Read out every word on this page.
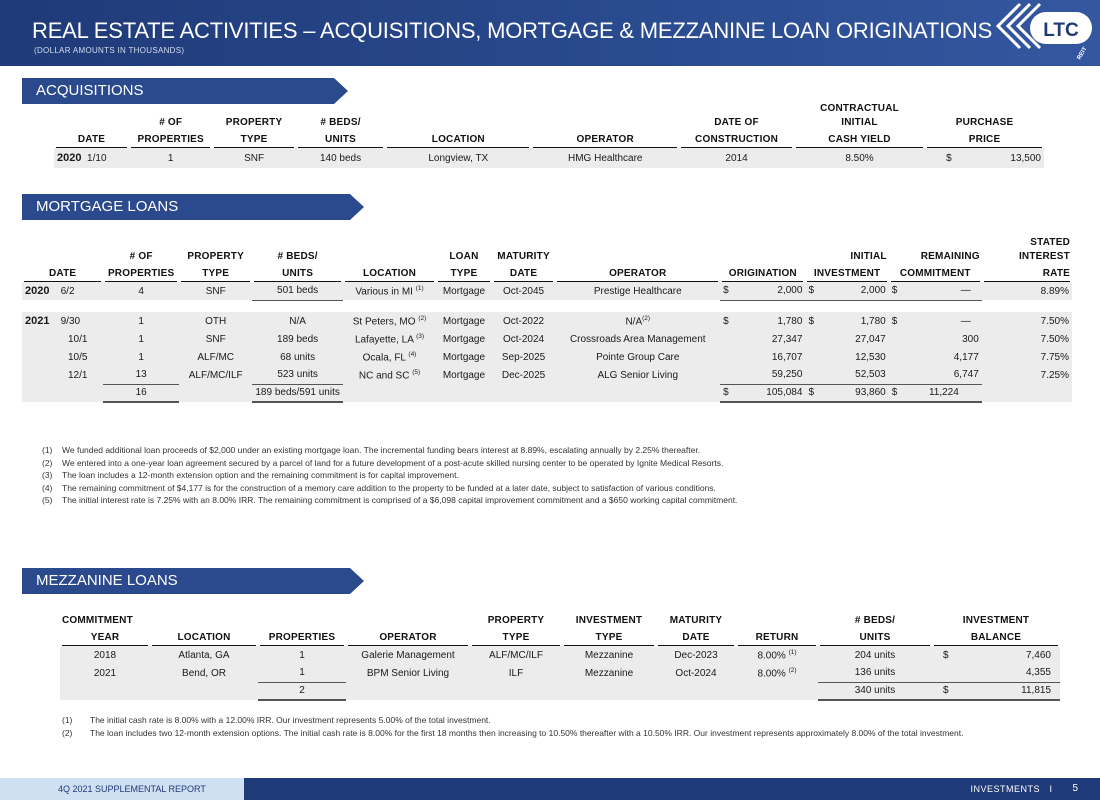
REAL ESTATE ACTIVITIES – ACQUISITIONS, MORTGAGE & MEZZANINE LOAN ORIGINATIONS
(DOLLAR AMOUNTS IN THOUSANDS)
LTC
REIT
ACQUISITIONS
							CONTRACTUAL	
	# OF	PROPERTY	# BEDS/			DATE OF	INITIAL	PURCHASE

DATE	PROPERTIES	TYPE	UNITS	LOCATION	OPERATOR	CONSTRUCTION	CASH YIELD	PRICE

2020 1/10	1	SNF	140 beds	Longview, TX	HMG Healthcare	2014	8.50%	$ 13,500
MORTGAGE LOANS
											STATED
	# OF	PROPERTY	# BEDS/		LOAN	MATURITY			INITIAL	REMAINING	INTEREST

DATE	PROPERTIES	TYPE	UNITS	LOCATION	TYPE	DATE	OPERATOR	ORIGINATION	INVESTMENT	COMMITMENT	RATE

2020 6/2	4	SNF	501 beds	Various in MI $^{(1)}$	Mortgage	Oct-2045	Prestige Healthcare	$ 2,000	$ 2,000	$ —	8.89%

2021 9/30	1	OTH	N/A	St Peters, MO $^{(2)}$	Mortgage	Oct-2022	$N/A^{(2)}$	$ 1,780	$ 1,780	$ —	7.50%
10/1	1	SNF	189 beds	Lafayette, LA $^{(3)}$	Mortgage	Oct-2024	Crossroads Area Management	27,347	27,047	300	7.50%
10/5	1	ALF/MC	68 units	Ocala, FL $^{(4)}$	Mortgage	Sep-2025	Pointe Group Care	16,707	12,530	4,177	7.75%
12/1	13	ALF/MC/ILF	523 units	NC and SC $^{(5)}$	Mortgage	Dec-2025	ALG Senior Living	59,250	52,503	6,747	7.25%
	16		189 beds/591 units					$ 105,084	$ 93,860	$ 11,224	

(1) We funded additional loan proceeds of $2,000 under an existing mortgage loan. The incremental funding bears interest at 8.89%, escalating annually by 2.25% thereafter.
(2) We entered into a one-year loan agreement secured by a parcel of land for a future development of a post-acute skilled nursing center to be operated by Ignite Medical Resorts.
(3) The loan includes a 12-month extension option and the remaining commitment is for capital improvement.
(4) The remaining commitment of $4,177 is for the construction of a memory care addition to the property to be funded at a later date, subject to satisfaction of various conditions.
(5) The initial interest rate is 7.25% with an 8.00% IRR. The remaining commitment is comprised of a $6,098 capital improvement commitment and a $650 working capital commitment.
MEZZANINE LOANS
COMMITMENT				PROPERTY	INVESTMENT	MATURITY		# BEDS/	INVESTMENT

YEAR	LOCATION	PROPERTIES	OPERATOR	TYPE	TYPE	DATE	RETURN	UNITS	BALANCE

2018	Atlanta, GA	1	Galerie Management	ALF/MC/ILF	Mezzanine	Dec-2023	8.00% $^{(1)}$	204 units	$ 7,460

2021	Bend, OR	1	BPM Senior Living	ILF	Mezzanine	Oct-2024	8.00% $^{(2)}$	136 units	4,355

		2						340 units	$ 11,815
(1) The initial cash rate is 8.00% with a 12.00% IRR. Our investment represents 5.00% of the total investment.
(2) The loan includes two 12-month extension options. The initial cash rate is 8.00% for the first 18 months then increasing to 10.50% thereafter with a 10.50% IRR. Our investment represents approximately 8.00% of the total investment.
4Q 2021 SUPPLEMENTAL REPORT	INVESTMENTS I 5
